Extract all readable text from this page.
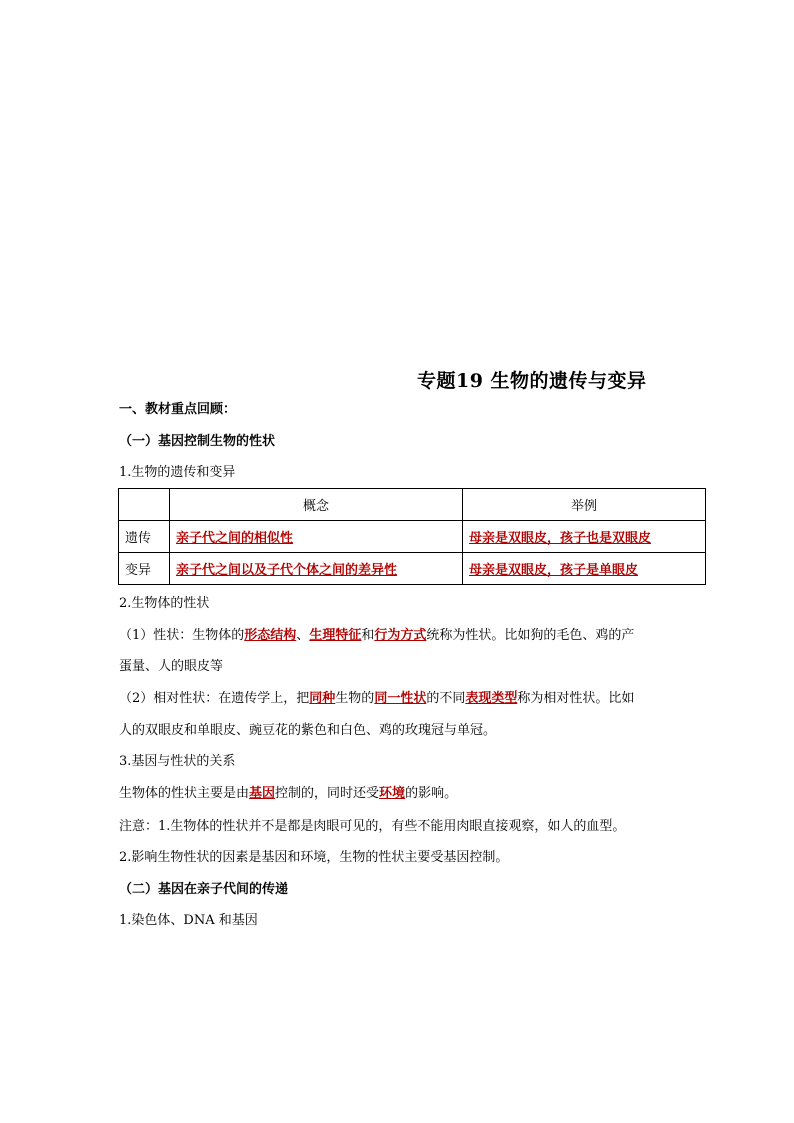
专题19 生物的遗传与变异
一、教材重点回顾：
（一）基因控制生物的性状
1.生物的遗传和变异
	概念	举例
遗传	亲子代之间的相似性	母亲是双眼皮，孩子也是双眼皮
变异	亲子代之间以及子代个体之间的差异性	母亲是双眼皮，孩子是单眼皮
2.生物体的性状
（1）性状：生物体的形态结构、生理特征和行为方式统称为性状。比如狗的毛色、鸡的产
蛋量、人的眼皮等
（2）相对性状：在遗传学上，把同种生物的同一性状的不同表现类型称为相对性状。比如
人的双眼皮和单眼皮、豌豆花的紫色和白色、鸡的玫瑰冠与单冠。
3.基因与性状的关系
生物体的性状主要是由基因控制的，同时还受环境的影响。
注意：1.生物体的性状并不是都是肉眼可见的，有些不能用肉眼直接观察，如人的血型。
2.影响生物性状的因素是基因和环境，生物的性状主要受基因控制。
（二）基因在亲子代间的传递
1.染色体、DNA 和基因
